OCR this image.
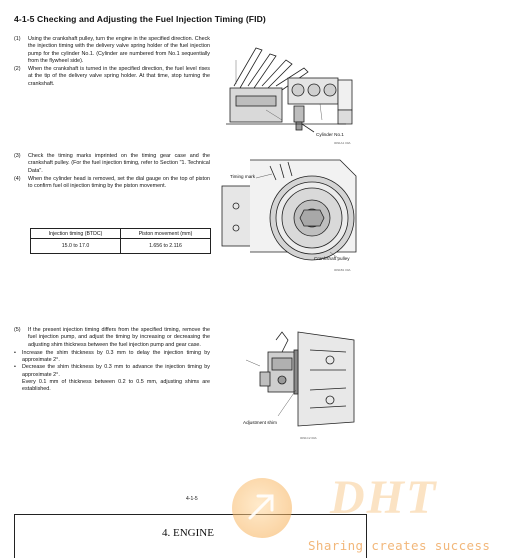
4-1-5 Checking and Adjusting the Fuel Injection Timing (FID)
(1)	Using the crankshaft pulley, turn the engine in the specified direction. Check the injection timing with the delivery valve spring holder of the fuel injection pump for the cylinder No.1. (Cylinder are numbered from No.1 sequentially from the flywheel side).
(2)	When the crankshaft is turned in the specified direction, the fuel level rises at the tip of the delivery valve spring holder. At that time, stop turning the crankshaft.
(3)	Check the timing marks imprinted on the timing gear case and the crankshaft pulley. (For the fuel injection timing, refer to Section "1. Technical Data".
(4)	When the cylinder head is removed, set the dial gauge on the top of piston to confirm fuel oil injection timing by the piston movement.
Injection timing (BTDC)	Piston movement (mm)
15.0 to 17.0	1.656 to 2.116
(5)	If the present injection timing differs from the specified timing, remove the fuel injection pump, and adjust the timing by increasing or decreasing the adjusting shim thickness between the fuel injection pump and gear case.
•	Increase the shim thickness by 0.3 mm to delay the injection timing by approximate 2°.
•	Decrease the shim thickness by 0.3 mm to advance the injection timing by approximate 2°.
Every 0.1 mm of thickness between 0.2 to 0.5 mm, adjusting shims are established.
Cylinder No.1
0091A1 00A
Timing mark
Crankshaft pulley
0091B1 00A
Adjustment shim
0091C2 00A
4-1-5
4. ENGINE
DHT
Sharing creates success
